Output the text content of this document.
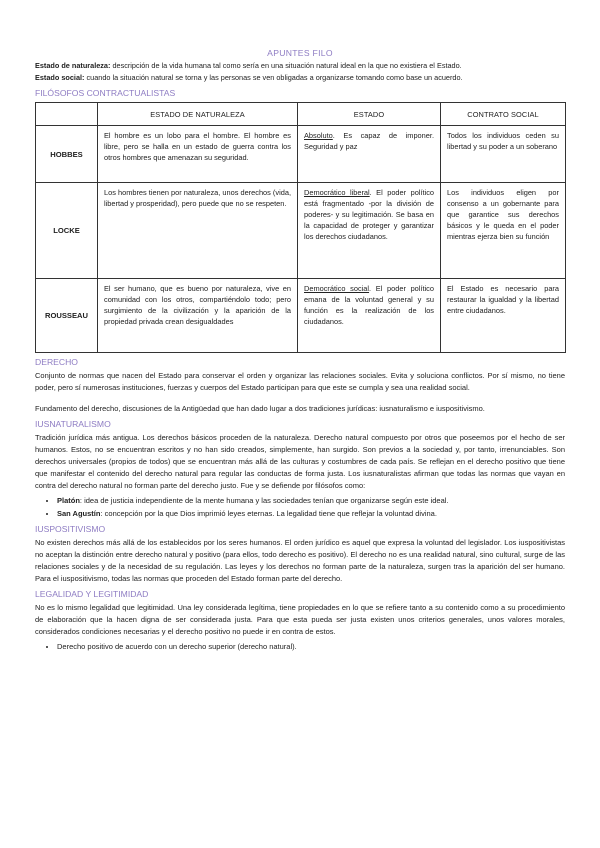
APUNTES FILO
Estado de naturaleza: descripción de la vida humana tal como sería en una situación natural ideal en la que no existiera el Estado.
Estado social: cuando la situación natural se torna y las personas se ven obligadas a organizarse tomando como base un acuerdo.
FILÓSOFOS CONTRACTUALISTAS
	ESTADO DE NATURALEZA	ESTADO	CONTRATO SOCIAL
HOBBES	El hombre es un lobo para el hombre. El hombre es libre, pero se halla en un estado de guerra contra los otros hombres que amenazan su seguridad.	Absoluto. Es capaz de imponer. Seguridad y paz	Todos los individuos ceden su libertad y su poder a un soberano
LOCKE	Los hombres tienen por naturaleza, unos derechos (vida, libertad y prosperidad), pero puede que no se respeten.	Democrático liberal. El poder político está fragmentado -por la división de poderes- y su legitimación. Se basa en la capacidad de proteger y garantizar los derechos ciudadanos.	Los individuos eligen por consenso a un gobernante para que garantice sus derechos básicos y le queda en el poder mientras ejerza bien su función
ROUSSEAU	El ser humano, que es bueno por naturaleza, vive en comunidad con los otros, compartiéndolo todo; pero surgimiento de la civilización y la aparición de la propiedad privada crean desigualdades	Democrático social. El poder político emana de la voluntad general y su función es la realización de los ciudadanos.	El Estado es necesario para restaurar la igualdad y la libertad entre ciudadanos.
DERECHO
Conjunto de normas que nacen del Estado para conservar el orden y organizar las relaciones sociales. Evita y soluciona conflictos. Por sí mismo, no tiene poder, pero sí numerosas instituciones, fuerzas y cuerpos del Estado participan para que este se cumpla y sea una realidad social.
Fundamento del derecho, discusiones de la Antigüedad que han dado lugar a dos tradiciones jurídicas: iusnaturalismo e iuspositivismo.
IUSNATURALISMO
Tradición jurídica más antigua. Los derechos básicos proceden de la naturaleza. Derecho natural compuesto por otros que poseemos por el hecho de ser humanos. Estos, no se encuentran escritos y no han sido creados, simplemente, han surgido. Son previos a la sociedad y, por tanto, irrenunciables. Son derechos universales (propios de todos) que se encuentran más allá de las culturas y costumbres de cada país. Se reflejan en el derecho positivo que tiene que manifestar el contenido del derecho natural para regular las conductas de forma justa. Los iusnaturalistas afirman que todas las normas que vayan en contra del derecho natural no forman parte del derecho justo. Fue y se defiende por filósofos como:
• Platón: idea de justicia independiente de la mente humana y las sociedades tenían que organizarse según este ideal.
• San Agustín: concepción por la que Dios imprimió leyes eternas. La legalidad tiene que reflejar la voluntad divina.
IUSPOSITIVISMO
No existen derechos más allá de los establecidos por los seres humanos. El orden jurídico es aquel que expresa la voluntad del legislador. Los iuspositivistas no aceptan la distinción entre derecho natural y positivo (para ellos, todo derecho es positivo). El derecho no es una realidad natural, sino cultural, surge de las relaciones sociales y de la necesidad de su regulación. Las leyes y los derechos no forman parte de la naturaleza, surgen tras la aparición del ser humano. Para el iuspositivismo, todas las normas que proceden del Estado forman parte del derecho.
LEGALIDAD Y LEGITIMIDAD
No es lo mismo legalidad que legitimidad. Una ley considerada legítima, tiene propiedades en lo que se refiere tanto a su contenido como a su procedimiento de elaboración que la hacen digna de ser considerada justa. Para que esta pueda ser justa existen unos criterios generales, unos valores morales, considerados condiciones necesarias y el derecho positivo no puede ir en contra de estos.
• Derecho positivo de acuerdo con un derecho superior (derecho natural).
